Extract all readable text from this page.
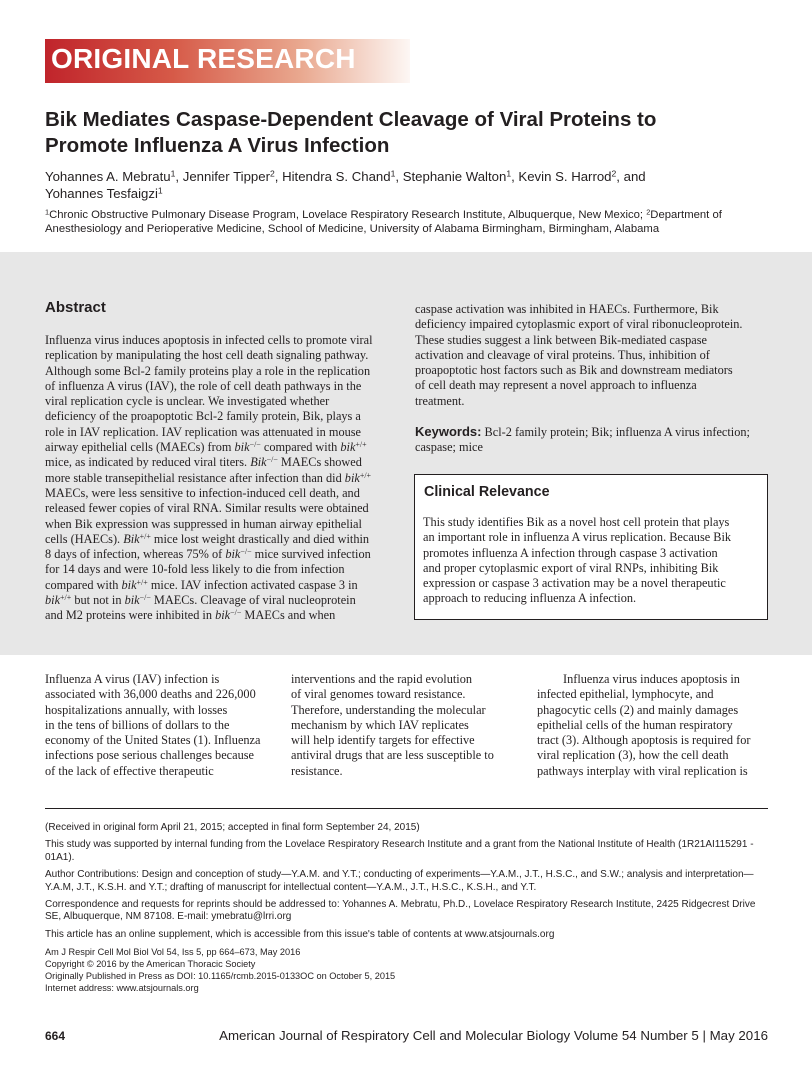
ORIGINAL RESEARCH
Bik Mediates Caspase-Dependent Cleavage of Viral Proteins to
Promote Influenza A Virus Infection
Yohannes A. Mebratu$^1$, Jennifer Tipper$^2$, Hitendra S. Chand$^1$, Stephanie Walton$^1$, Kevin S. Harrod$^2$, and
Yohannes Tesfaigzi$^1$
$^1$Chronic Obstructive Pulmonary Disease Program, Lovelace Respiratory Research Institute, Albuquerque, New Mexico; $^2$Department of Anesthesiology and Perioperative Medicine, School of Medicine, University of Alabama Birmingham, Birmingham, Alabama
Abstract
Influenza virus induces apoptosis in infected cells to promote viral
replication by manipulating the host cell death signaling pathway.
Although some Bcl-2 family proteins play a role in the replication
of influenza A virus (IAV), the role of cell death pathways in the
viral replication cycle is unclear. We investigated whether
deficiency of the proapoptotic Bcl-2 family protein, Bik, plays a
role in IAV replication. IAV replication was attenuated in mouse
airway epithelial cells (MAECs) from bik−/− compared with bik+/+
mice, as indicated by reduced viral titers. Bik−/− MAECs showed
more stable transepithelial resistance after infection than did bik+/+
MAECs, were less sensitive to infection-induced cell death, and
released fewer copies of viral RNA. Similar results were obtained
when Bik expression was suppressed in human airway epithelial
cells (HAECs). Bik+/+ mice lost weight drastically and died within
8 days of infection, whereas 75% of bik−/− mice survived infection
for 14 days and were 10-fold less likely to die from infection
compared with bik+/+ mice. IAV infection activated caspase 3 in
bik+/+ but not in bik−/− MAECs. Cleavage of viral nucleoprotein
and M2 proteins were inhibited in bik−/− MAECs and when
caspase activation was inhibited in HAECs. Furthermore, Bik
deficiency impaired cytoplasmic export of viral ribonucleoprotein.
These studies suggest a link between Bik-mediated caspase
activation and cleavage of viral proteins. Thus, inhibition of
proapoptotic host factors such as Bik and downstream mediators
of cell death may represent a novel approach to influenza
treatment.
Keywords: Bcl-2 family protein; Bik; influenza A virus infection;
caspase; mice
Clinical Relevance
This study identifies Bik as a novel host cell protein that plays
an important role in influenza A virus replication. Because Bik
promotes influenza A infection through caspase 3 activation
and proper cytoplasmic export of viral RNPs, inhibiting Bik
expression or caspase 3 activation may be a novel therapeutic
approach to reducing influenza A infection.
Influenza A virus (IAV) infection is
associated with 36,000 deaths and 226,000
hospitalizations annually, with losses
in the tens of billions of dollars to the
economy of the United States (1). Influenza
infections pose serious challenges because
of the lack of effective therapeutic
interventions and the rapid evolution
of viral genomes toward resistance.
Therefore, understanding the molecular
mechanism by which IAV replicates
will help identify targets for effective
antiviral drugs that are less susceptible to
resistance.
Influenza virus induces apoptosis in
infected epithelial, lymphocyte, and
phagocytic cells (2) and mainly damages
epithelial cells of the human respiratory
tract (3). Although apoptosis is required for
viral replication (3), how the cell death
pathways interplay with viral replication is

(Received in original form April 21, 2015; accepted in final form September 24, 2015)

This study was supported by internal funding from the Lovelace Respiratory Research Institute and a grant from the National Institute of Health (1R21AI115291 - 01A1).

Author Contributions: Design and conception of study—Y.A.M. and Y.T.; conducting of experiments—Y.A.M., J.T., H.S.C., and S.W.; analysis and interpretation—Y.A.M, J.T., K.S.H. and Y.T.; drafting of manuscript for intellectual content—Y.A.M., J.T., H.S.C., K.S.H., and Y.T.

Correspondence and requests for reprints should be addressed to: Yohannes A. Mebratu, Ph.D., Lovelace Respiratory Research Institute, 2425 Ridgecrest Drive SE, Albuquerque, NM 87108. E-mail: ymebratu@lrri.org

This article has an online supplement, which is accessible from this issue's table of contents at www.atsjournals.org

Am J Respir Cell Mol Biol Vol 54, Iss 5, pp 664–673, May 2016
Copyright © 2016 by the American Thoracic Society
Originally Published in Press as DOI: 10.1165/rcmb.2015-0133OC on October 5, 2015
Internet address: www.atsjournals.org
664	American Journal of Respiratory Cell and Molecular Biology Volume 54 Number 5 | May 2016
